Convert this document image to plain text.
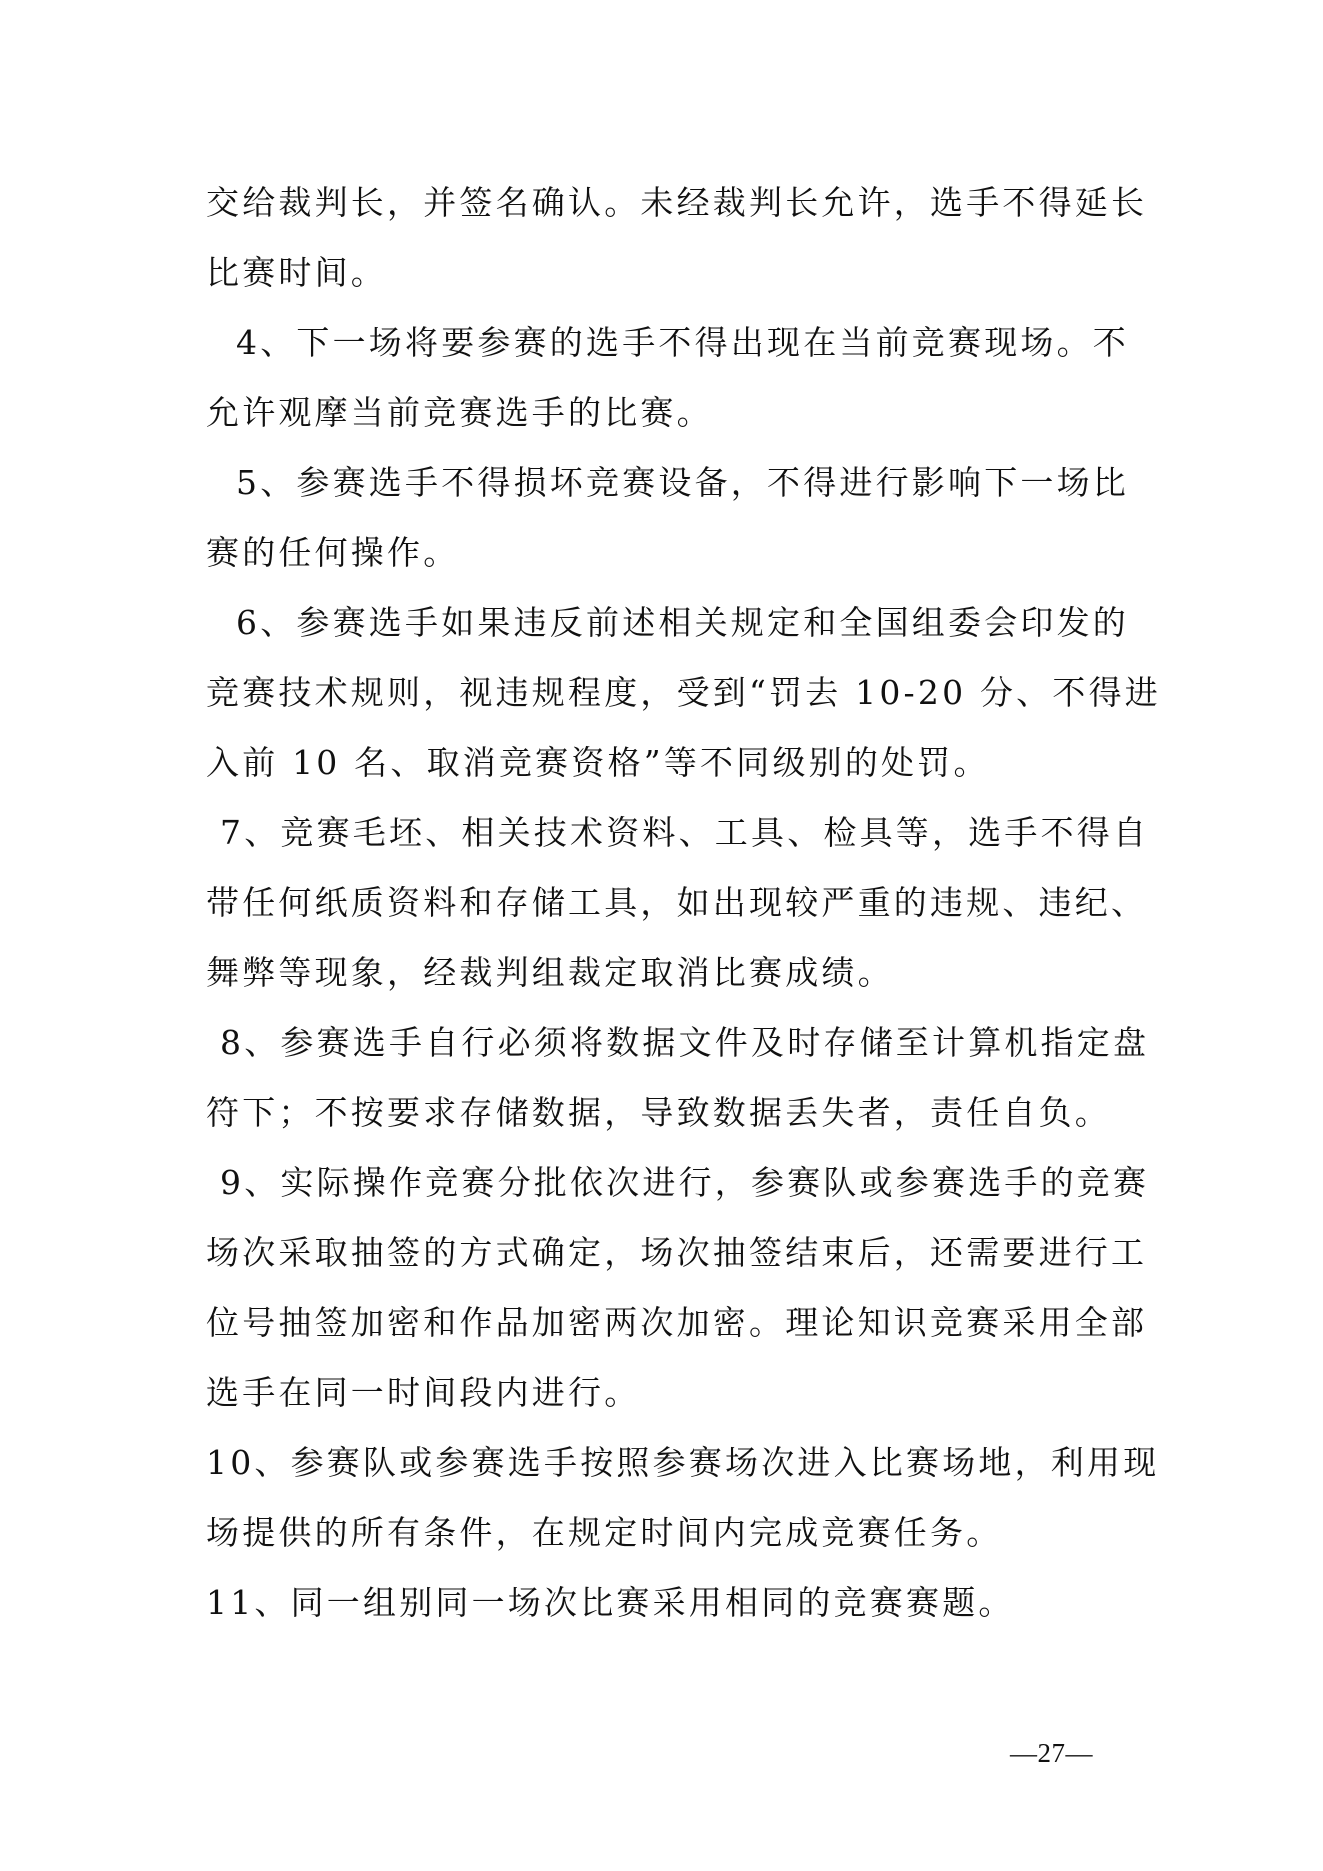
交给裁判长，并签名确认。未经裁判长允许，选手不得延长
比赛时间。
4、下一场将要参赛的选手不得出现在当前竞赛现场。不
允许观摩当前竞赛选手的比赛。
5、参赛选手不得损坏竞赛设备，不得进行影响下一场比
赛的任何操作。
6、参赛选手如果违反前述相关规定和全国组委会印发的
竞赛技术规则，视违规程度，受到“罚去 10-20 分、不得进
入前 10 名、取消竞赛资格”等不同级别的处罚。
7、竞赛毛坯、相关技术资料、工具、检具等，选手不得自
带任何纸质资料和存储工具，如出现较严重的违规、违纪、
舞弊等现象，经裁判组裁定取消比赛成绩。
8、参赛选手自行必须将数据文件及时存储至计算机指定盘
符下；不按要求存储数据，导致数据丢失者，责任自负。
9、实际操作竞赛分批依次进行，参赛队或参赛选手的竞赛
场次采取抽签的方式确定，场次抽签结束后，还需要进行工
位号抽签加密和作品加密两次加密。理论知识竞赛采用全部
选手在同一时间段内进行。
10、参赛队或参赛选手按照参赛场次进入比赛场地，利用现
场提供的所有条件，在规定时间内完成竞赛任务。
11、同一组别同一场次比赛采用相同的竞赛赛题。
—27—
